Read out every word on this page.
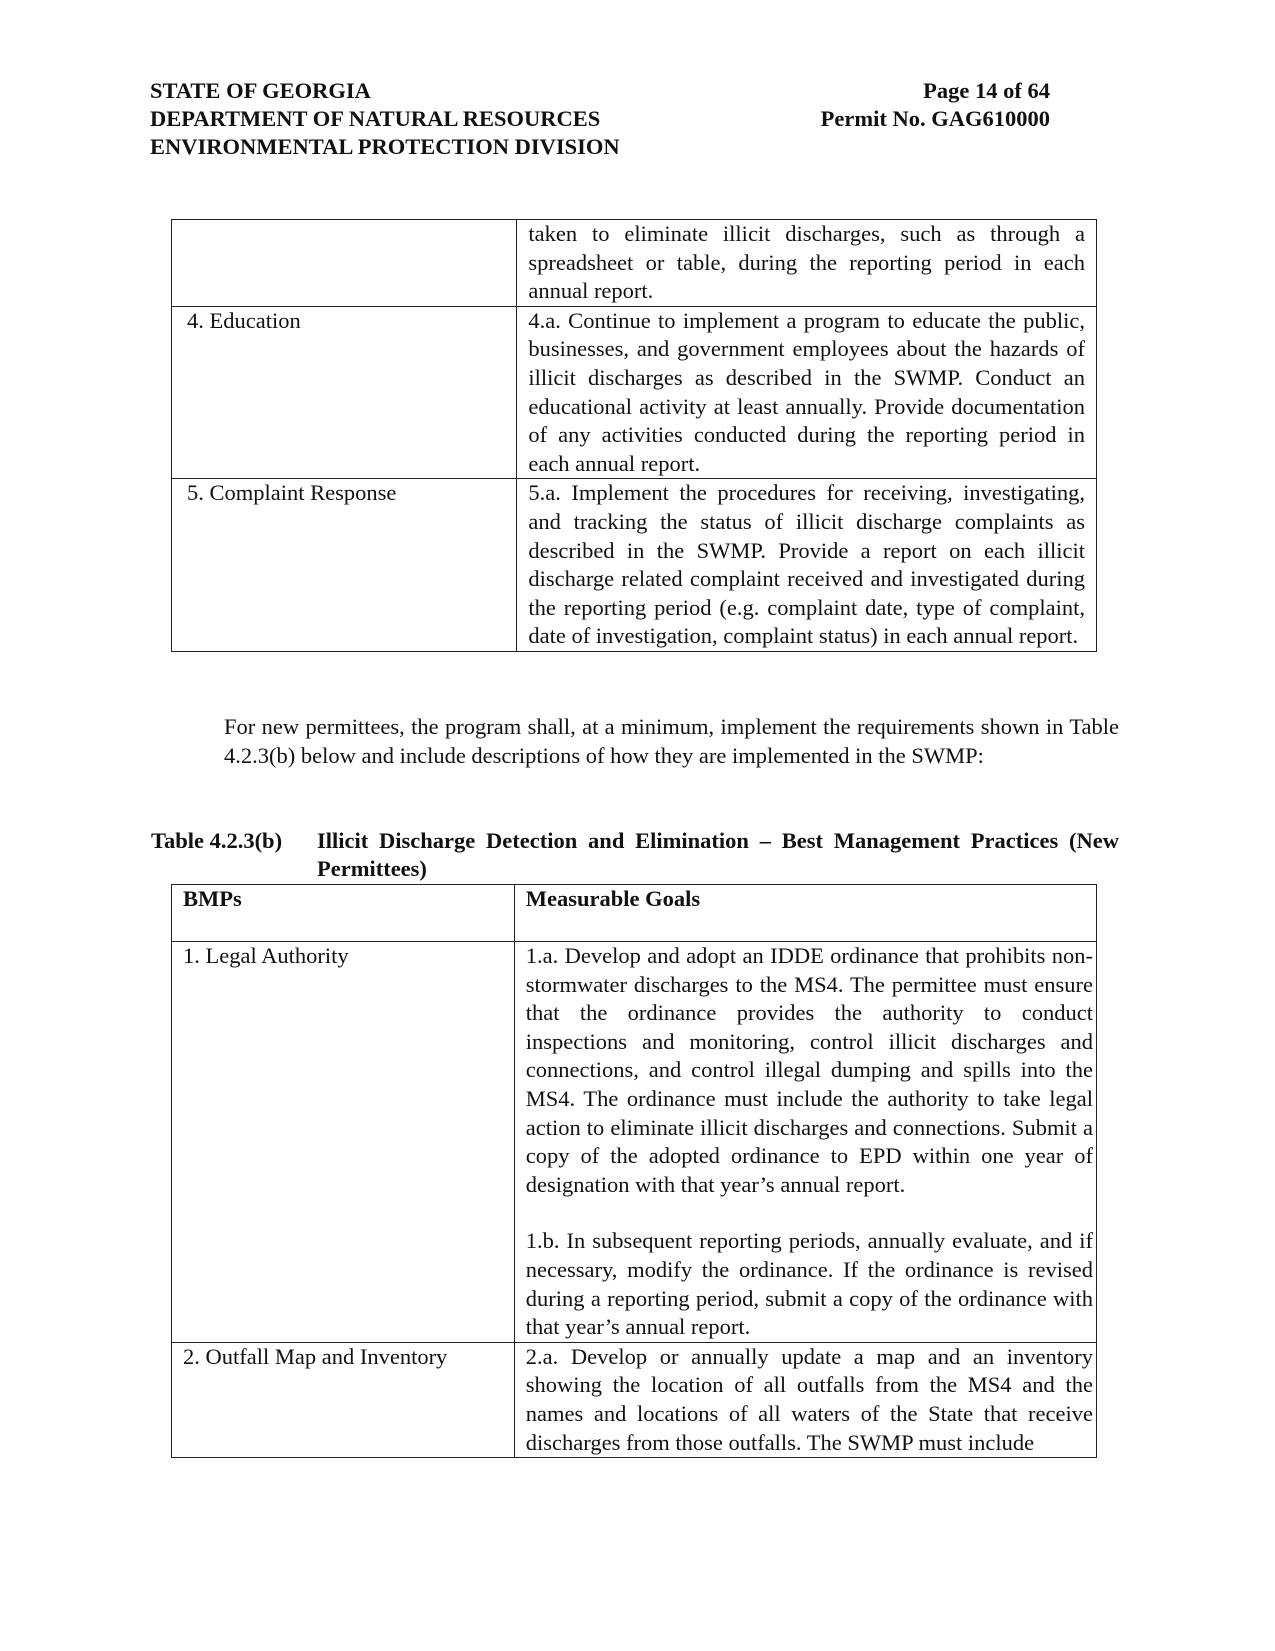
STATE OF GEORGIA
DEPARTMENT OF NATURAL RESOURCES
ENVIRONMENTAL PROTECTION DIVISION
Page 14 of 64
Permit No. GAG610000
	taken to eliminate illicit discharges, such as through a spreadsheet or table, during the reporting period in each annual report.
4. Education	4.a. Continue to implement a program to educate the public, businesses, and government employees about the hazards of illicit discharges as described in the SWMP. Conduct an educational activity at least annually. Provide documentation of any activities conducted during the reporting period in each annual report.
5. Complaint Response	5.a. Implement the procedures for receiving, investigating, and tracking the status of illicit discharge complaints as described in the SWMP. Provide a report on each illicit discharge related complaint received and investigated during the reporting period (e.g. complaint date, type of complaint, date of investigation, complaint status) in each annual report.
For new permittees, the program shall, at a minimum, implement the requirements shown in Table 4.2.3(b) below and include descriptions of how they are implemented in the SWMP:
Table 4.2.3(b) Illicit Discharge Detection and Elimination – Best Management Practices (New Permittees)
BMPs	Measurable Goals
1. Legal Authority	1.a. Develop and adopt an IDDE ordinance that prohibits non-stormwater discharges to the MS4. The permittee must ensure that the ordinance provides the authority to conduct inspections and monitoring, control illicit discharges and connections, and control illegal dumping and spills into the MS4. The ordinance must include the authority to take legal action to eliminate illicit discharges and connections. Submit a copy of the adopted ordinance to EPD within one year of designation with that year’s annual report.

1.b. In subsequent reporting periods, annually evaluate, and if necessary, modify the ordinance. If the ordinance is revised during a reporting period, submit a copy of the ordinance with that year’s annual report.

2. Outfall Map and Inventory	2.a. Develop or annually update a map and an inventory showing the location of all outfalls from the MS4 and the names and locations of all waters of the State that receive discharges from those outfalls. The SWMP must include
